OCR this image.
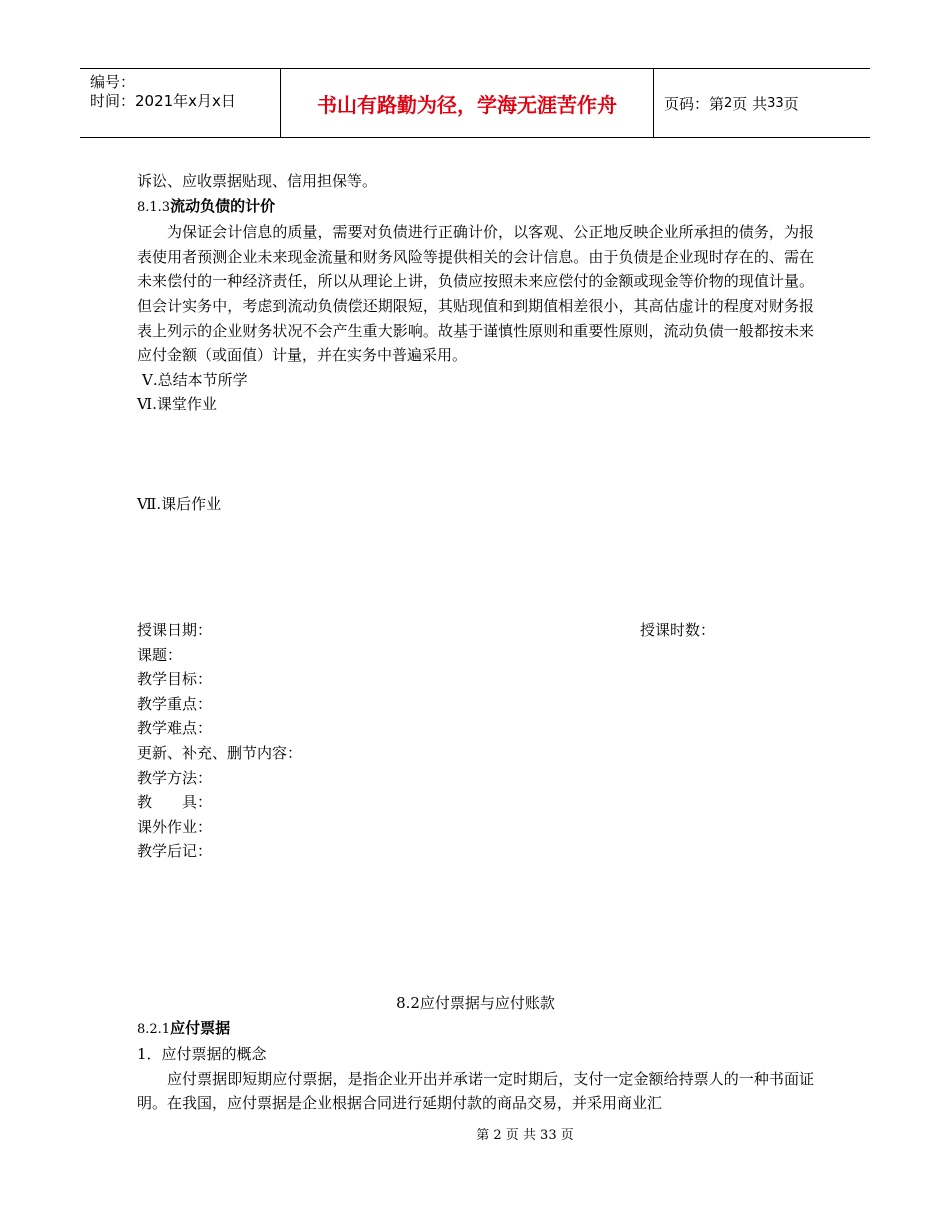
编号：
时间：2021年x月x日	书山有路勤为径，学海无涯苦作舟	页码：第 2 页 共 33 页
诉讼、应收票据贴现、信用担保等。
8.1.3流动负债的计价
为保证会计信息的质量，需要对负债进行正确计价，以客观、公正地反映企业所承担的债务，为报表使用者预测企业未来现金流量和财务风险等提供相关的会计信息。由于负债是企业现时存在的、需在未来偿付的一种经济责任，所以从理论上讲，负债应按照未来应偿付的金额或现金等价物的现值计量。但会计实务中，考虑到流动负债偿还期限短，其贴现值和到期值相差很小，其高估虚计的程度对财务报表上列示的企业财务状况不会产生重大影响。故基于谨慎性原则和重要性原则，流动负债一般都按未来应付金额（或面值）计量，并在实务中普遍采用。
Ⅴ.总结本节所学
Ⅵ.课堂作业
Ⅶ.课后作业
授课日期：	授课时数：
课题：
教学目标：
教学重点：
教学难点：
更新、补充、删节内容：
教学方法：
教　　具：
课外作业：
教学后记：
8.2应付票据与应付账款
8.2.1应付票据
1．应付票据的概念
应付票据即短期应付票据，是指企业开出并承诺一定时期后，支付一定金额给持票人的一种书面证明。在我国，应付票据是企业根据合同进行延期付款的商品交易，并采用商业汇
第 2 页 共 33 页
